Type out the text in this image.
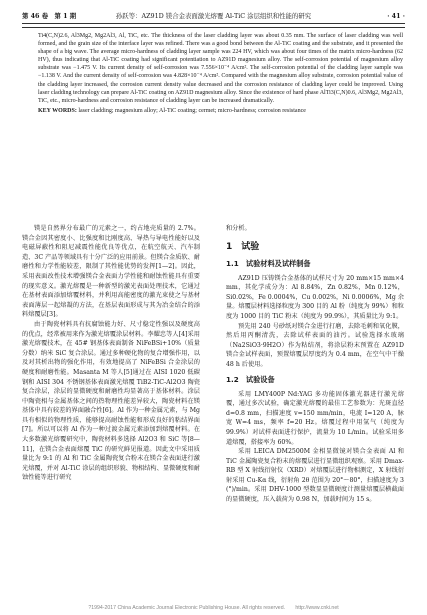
第 46 卷　第 1 期	孙跃等：AZ91D 镁合金表面激光熔覆 Al-TiC 涂层组织和性能的研究	· 41 ·

Ti4(C,N)2.6, Al3Mg2, Mg2Al3, Al, TiC, etc. The thickness of the laser cladding layer was about 0.35 mm. The surface of laser cladding was well formed, and the grain size of the interface layer was refined. There was a good bond between the Al-TiC coating and the substrate, and it presented the shape of a big wave. The average micro-hardness of cladding layer sample was 224 HV, which was about four times of the matrix micro-hardness (62 HV), thus indicating that Al-TiC coating had significant potentiation to AZ91D magnesium alloy. The self-corrosion potential of magnesium alloy substrate was −1.475 V. Its current density of self-corrosion was 7.556×10⁻⁴ A/cm². The self-corrosion potential of the cladding layer sample was −1.138 V. And the current density of self-corrosion was 4.828×10⁻⁴ A/cm². Compared with the magnesium alloy substrate, corrosion potential value of the cladding layer increased, the corrosion current density value decreased and the corrosion resistance of cladding layer could be improved. Using laser cladding technology can prepare Al-TiC coating on AZ91D magnesium alloy. Since the existence of hard phase AlTi3(C,N)0.6, Al3Mg2, Mg2Al3, TiC, etc., micro-hardness and corrosion resistance of cladding layer can be increased dramatically.

KEY WORDS: laser cladding; magnesium alloy; Al-TiC coating; cermet; micro-hardness; corrosion resistance

镁是自然界分布最广的元素之一，约占地壳质量的 2.7%。镁合金因其密度小、比强度和比刚度高、导热与导电性能好以及电磁屏蔽性和阻尼减震性能优良等优点，在航空航天、汽车制造、3C 产品等领域具有十分广泛的应用前景。但镁合金质软、耐磨性和力学性能较差，限制了其性能优势的发挥[1—2]。因此，采用表面改性技术增强镁合金表面力学性能和耐蚀性能具有重要的现实意义。激光熔覆是一种新型的激光表面处理技术，它通过在基材表面添加熔覆材料，并利用高能密度的激光束使之与基材表面薄层一起熔凝的方法，在基层表面形成与其为冶金结合的添料熔覆层[3]。

由于陶瓷材料具有抗腐蚀能力好、尺寸稳定性强以及硬度高的优点，经常被用来作为激光熔覆涂层材料。李耀忠等人[4]采用激光熔覆技术，在 45# 钢基体表面制备 NiFeBSi+10%（质量分数）纳米 SiC 复合涂层。通过多种硬化物的复合增强作用，以及对其析出物的强化作用，有效地提高了 NiFeBSi 合金涂层的硬度和耐磨性能。Masanta M 等人[5]通过在 AISI 1020 低碳钢和 AISI 304 不锈钢基体表面激光熔覆 TiB2-TiC-Al2O3 陶瓷复合涂层，涂层的显微硬度和耐磨性均显著高于基体材料。涂层中陶瓷相与金属基体之间的热物理性能差异较大，陶瓷材料在镁基体中具有较差的界面融合性[6]。Al 作为一种金属元素，与 Mg 具有相似的物理性质，能够提高耐蚀性能和形成良好的粘结界面[7]。所以可以将 Al 作为一种过渡金属元素添加到熔覆材料。在大多数激光熔覆研究中，陶瓷材料多选择 Al2O3 和 SiC 等[8—11]，在镁合金表面熔覆 TiC 的研究鲜见报道。因此文中采用质量比为 9:1 的 Al 和 TiC 金属陶瓷复合粉末在镁合金表面进行激光熔覆，并对 Al-TiC 涂层的组织形貌、物相结构、显微硬度和耐蚀性能等进行研究

和分析。

1　试验
1.1　试验材料及试样制备

AZ91D 压铸镁合金基体的试样尺寸为 20 mm×15 mm×4 mm，其化学成分为：Al 8.84%，Zn 0.82%，Mn 0.12%，Si0.02%，Fe 0.0004%，Cu 0.002%，Ni 0.0006%，Mg 余量。熔覆层材料选择粒度为 300 目的 Al 粉（纯度为 99%）和粒度为 1000 目的 TiC 粉末（纯度为 99.9%），其质量比为 9:1。

预先用 240 号砂纸对镁合金进行打磨，去除毛刺和氧化膜，然后用丙酮清洗，去除试样表面的油污。试验选择水玻璃（Na2SiO3·9H2O）作为粘结剂，将涂层粉末预置在 AZ91D 镁合金试样表面，预置熔覆层厚度约为 0.4 mm，在空气中干燥 48 h 后使用。

1.2　试验设备

采用 LMY400P Nd:YAG 多功能固体激光器进行激光熔覆，通过多次试验，确定激光熔覆的最佳工艺参数为：光斑直径 d=0.8 mm，扫描速度 v=150 mm/min，电流 I=120 A，脉宽 W=4 ms，频率 f=20 Hz。熔覆过程中用氩气（纯度为 99.9%）对试样表面进行保护，流量为 10 L/min。试验采用多道熔覆，搭接率为 60%。

采用 LEICA DM2500M 金相显微镜对镁合金表面 Al 和 TiC 金属陶瓷复合粉末的熔覆层进行显微组织观察。采用 Dmax-RB 型 X 射线衍射仪（XRD）对熔覆层进行物相测定，X 射线衍射采用 Cu-Kα 线，衍射角 2θ 范围为 20°～80°，扫描速度为 3 (°)/min。采用 DHV-1000 型数显显微硬度计测量熔覆层横截面的显微硬度，压入载荷为 0.98 N，加载时间为 15 s。

?1994-2017 China Academic Journal Electronic Publishing House. All rights reserved.　　http://www.cnki.net
